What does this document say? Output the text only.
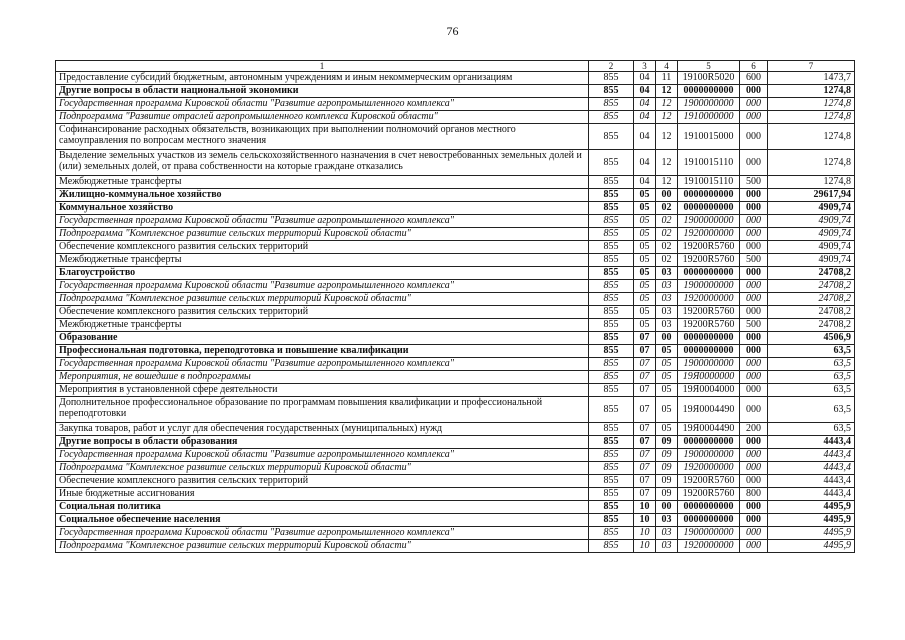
76
1	2	3	4	5	6	7
Предоставление субсидий бюджетным, автономным учреждениям и иным некоммерческим организациям	855	04	11	19100R5020	600	1473,7
Другие вопросы в области национальной экономики	855	04	12	0000000000	000	1274,8
Государственная программа Кировской области "Развитие агропромышленного комплекса"	855	04	12	1900000000	000	1274,8
Подпрограмма "Развитие отраслей агропромышленного комплекса Кировской области"	855	04	12	1910000000	000	1274,8
Софинансирование расходных обязательств, возникающих при выполнении полномочий органов местного самоуправления по вопросам местного значения	855	04	12	1910015000	000	1274,8
Выделение земельных участков из земель сельскохозяйственного назначения в счет невостребованных земельных долей и (или) земельных долей, от права собственности на которые граждане отказались	855	04	12	1910015110	000	1274,8
Межбюджетные трансферты	855	04	12	1910015110	500	1274,8
Жилищно-коммунальное хозяйство	855	05	00	0000000000	000	29617,94
Коммунальное хозяйство	855	05	02	0000000000	000	4909,74
Государственная программа Кировской области "Развитие агропромышленного комплекса"	855	05	02	1900000000	000	4909,74
Подпрограмма "Комплексное развитие сельских территорий Кировской области"	855	05	02	1920000000	000	4909,74
Обеспечение комплексного развития сельских территорий	855	05	02	19200R5760	000	4909,74
Межбюджетные трансферты	855	05	02	19200R5760	500	4909,74
Благоустройство	855	05	03	0000000000	000	24708,2
Государственная программа Кировской области "Развитие агропромышленного комплекса"	855	05	03	1900000000	000	24708,2
Подпрограмма "Комплексное развитие сельских территорий Кировской области"	855	05	03	1920000000	000	24708,2
Обеспечение комплексного развития сельских территорий	855	05	03	19200R5760	000	24708,2
Межбюджетные трансферты	855	05	03	19200R5760	500	24708,2
Образование	855	07	00	0000000000	000	4506,9
Профессиональная подготовка, переподготовка и повышение квалификации	855	07	05	0000000000	000	63,5
Государственная программа Кировской области "Развитие агропромышленного комплекса"	855	07	05	1900000000	000	63,5
Мероприятия, не вошедшие в подпрограммы	855	07	05	19Я0000000	000	63,5
Мероприятия в установленной сфере деятельности	855	07	05	19Я0004000	000	63,5
Дополнительное профессиональное образование по программам повышения квалификации и профессиональной переподготовки	855	07	05	19Я0004490	000	63,5
Закупка товаров, работ и услуг для обеспечения государственных (муниципальных) нужд	855	07	05	19Я0004490	200	63,5
Другие вопросы в области образования	855	07	09	0000000000	000	4443,4
Государственная программа Кировской области "Развитие агропромышленного комплекса"	855	07	09	1900000000	000	4443,4
Подпрограмма "Комплексное развитие сельских территорий Кировской области"	855	07	09	1920000000	000	4443,4
Обеспечение комплексного развития сельских территорий	855	07	09	19200R5760	000	4443,4
Иные бюджетные ассигнования	855	07	09	19200R5760	800	4443,4
Социальная политика	855	10	00	0000000000	000	4495,9
Социальное обеспечение населения	855	10	03	0000000000	000	4495,9
Государственная программа Кировской области "Развитие агропромышленного комплекса"	855	10	03	1900000000	000	4495,9
Подпрограмма "Комплексное развитие сельских территорий Кировской области"	855	10	03	1920000000	000	4495,9
